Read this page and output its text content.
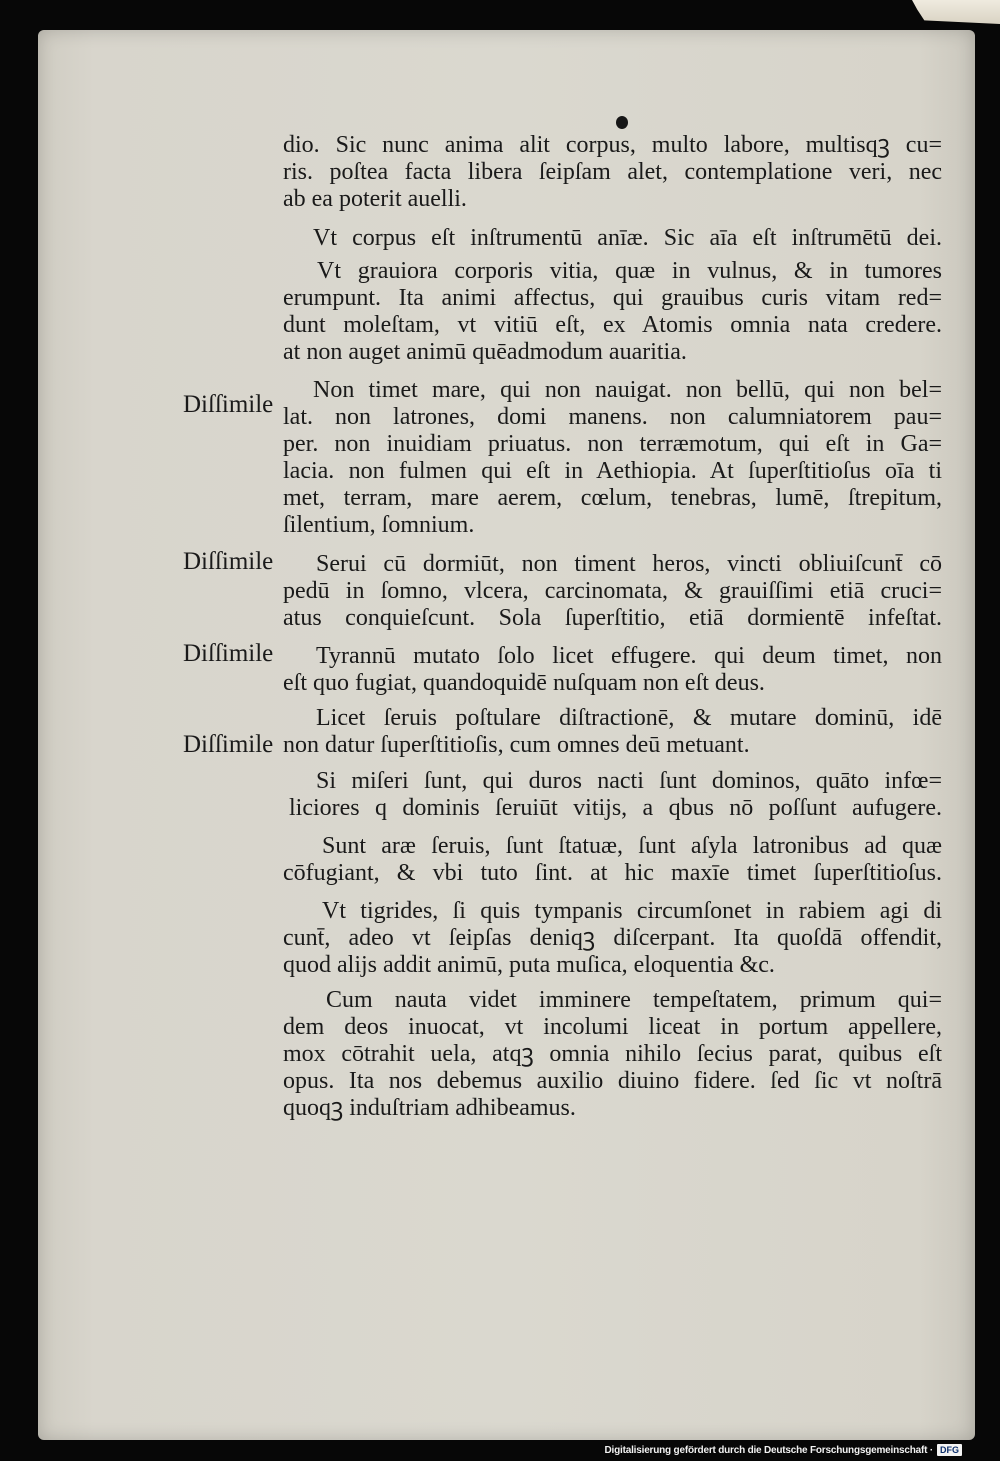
dio. Sic nunc anima alit corpus, multo labore, multisqꝫ cu=
ris. poſtea facta libera ſeipſam alet, contemplatione veri, nec
ab ea poterit auelli.
Vt corpus eſt inſtrumentū anīæ. Sic aīa eſt inſtrumētū dei.
Vt grauiora corporis vitia, quæ in vulnus, & in tumores
erumpunt. Ita animi affectus, qui grauibus curis vitam red=
dunt moleſtam, vt vitiū eſt, ex Atomis omnia nata credere.
at non auget animū quēadmodum auaritia.
Non timet mare, qui non nauigat. non bellū, qui non bel=
lat. non latrones, domi manens. non calumniatorem pau=
per. non inuidiam priuatus. non terræmotum, qui eſt in Ga=
lacia. non fulmen qui eſt in Aethiopia. At ſuperſtitioſus oīa ti
met, terram, mare aerem, cœlum, tenebras, lumē, ſtrepitum,
ſilentium, ſomnium.
Serui cū dormiūt, non timent heros, vincti obliuiſcunt̄ cō
pedū in ſomno, vlcera, carcinomata, & grauiſſimi etiā cruci=
atus conquieſcunt. Sola ſuperſtitio, etiā dormientē infeſtat.
Tyrannū mutato ſolo licet effugere. qui deum timet, non
eſt quo fugiat, quandoquidē nuſquam non eſt deus.
Licet ſeruis poſtulare diſtractionē, & mutare dominū, idē
non datur ſuperſtitioſis, cum omnes deū metuant.
Si miſeri ſunt, qui duros nacti ſunt dominos, quāto infœ=
liciores q dominis ſeruiūt vitijs, a qbus nō poſſunt aufugere.
Sunt aræ ſeruis, ſunt ſtatuæ, ſunt aſyla latronibus ad quæ
cōfugiant, & vbi tuto ſint. at hic maxīe timet ſuperſtitioſus.
Vt tigrides, ſi quis tympanis circumſonet in rabiem agi di
cunt̄, adeo vt ſeipſas deniqꝫ diſcerpant. Ita quoſdā offendit,
quod alijs addit animū, puta muſica, eloquentia &c.
Cum nauta videt imminere tempeſtatem, primum qui=
dem deos inuocat, vt incolumi liceat in portum appellere,
mox cōtrahit uela, atqꝫ omnia nihilo ſecius parat, quibus eſt
opus. Ita nos debemus auxilio diuino fidere. ſed ſic vt noſtrā
quoqꝫ induſtriam adhibeamus.
Diſſimile
Diſſimile
Diſſimile
Diſſimile
Digitalisierung gefördert durch die Deutsche Forschungsgemeinschaft · DFG
